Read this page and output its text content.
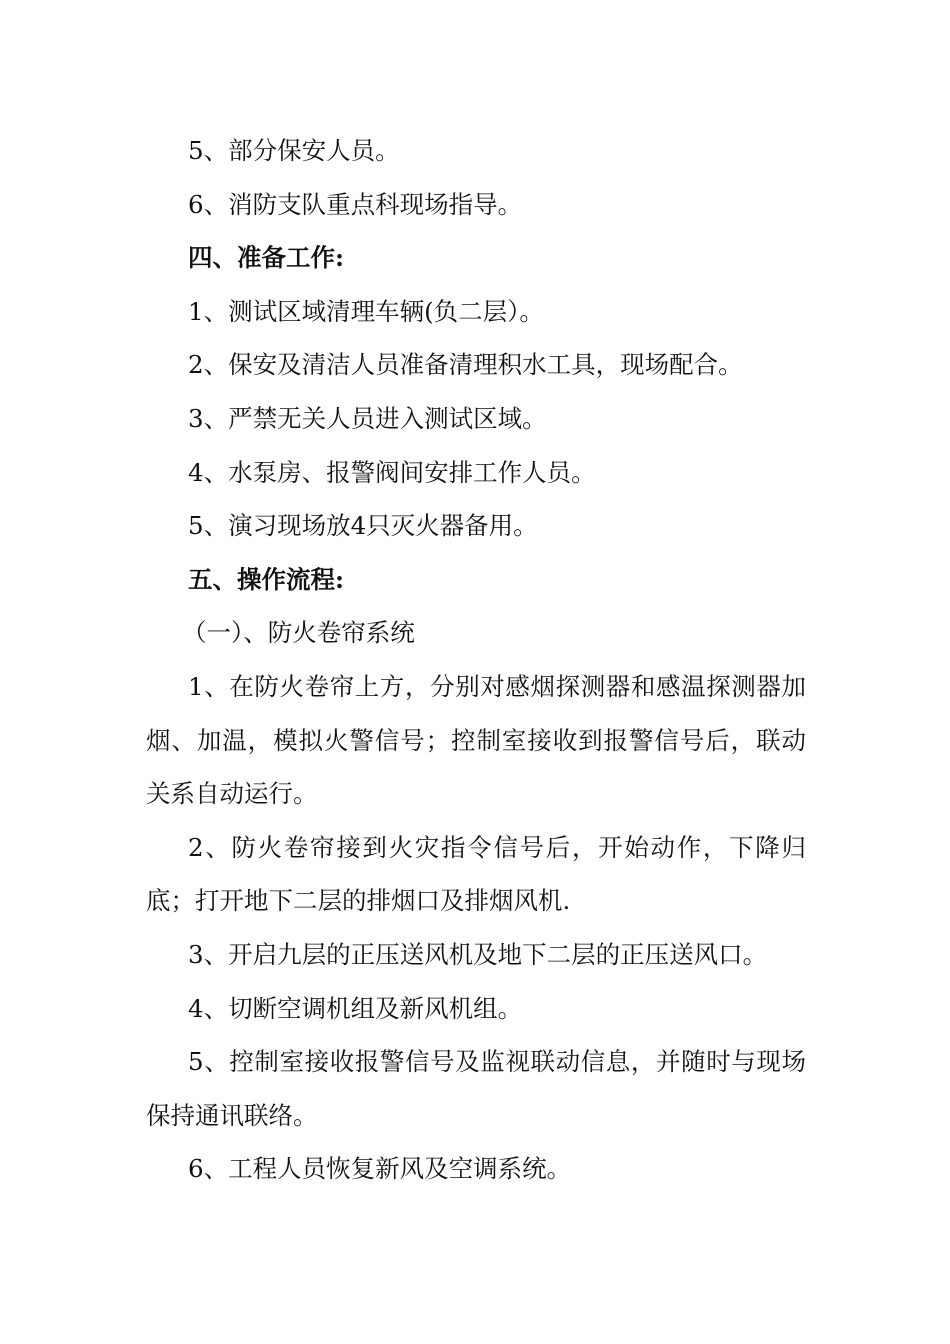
5、部分保安人员。

6、消防支队重点科现场指导。

四、准备工作:

1、测试区域清理车辆(负二层）。

2、保安及清洁人员准备清理积水工具，现场配合。

3、严禁无关人员进入测试区域。

4、水泵房、报警阀间安排工作人员。

5、演习现场放4只灭火器备用。

五、操作流程:

（一）、防火卷帘系统

1、在防火卷帘上方，分别对感烟探测器和感温探测器加烟、加温，模拟火警信号；控制室接收到报警信号后，联动关系自动运行。

2、防火卷帘接到火灾指令信号后，开始动作，下降归底；打开地下二层的排烟口及排烟风机.

3、开启九层的正压送风机及地下二层的正压送风口。

4、切断空调机组及新风机组。

5、控制室接收报警信号及监视联动信息，并随时与现场保持通讯联络。

6、工程人员恢复新风及空调系统。
